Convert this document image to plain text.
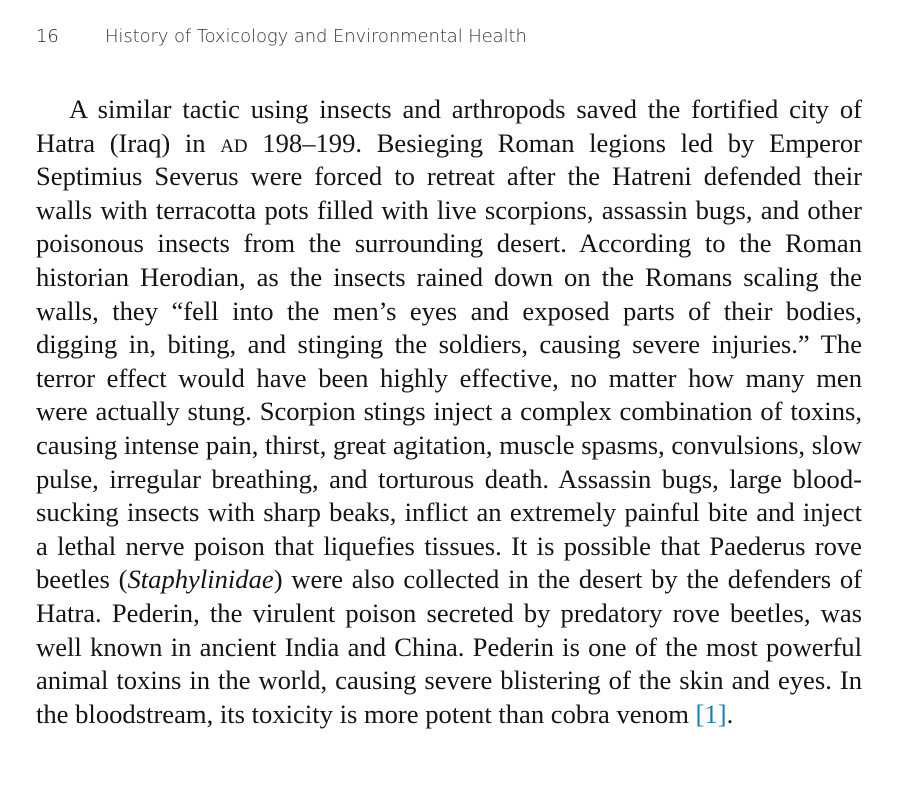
16	History of Toxicology and Environmental Health

A similar tactic using insects and arthropods saved the fortified city of Hatra (Iraq) in ad 198–199. Besieging Roman legions led by Emperor Septimius Severus were forced to retreat after the Hatreni defended their walls with terracotta pots filled with live scorpions, assassin bugs, and other poisonous insects from the surrounding desert. According to the Roman historian Herodian, as the insects rained down on the Romans scaling the walls, they “fell into the men’s eyes and exposed parts of their bodies, digging in, biting, and stinging the soldiers, causing severe injuries.” The terror effect would have been highly effective, no matter how many men were actually stung. Scorpion stings inject a complex combination of toxins, causing intense pain, thirst, great agitation, muscle spasms, convulsions, slow pulse, irregular breathing, and torturous death. Assassin bugs, large blood-sucking insects with sharp beaks, inflict an extremely painful bite and inject a lethal nerve poison that liquefies tissues. It is possible that Paederus rove beetles (Staphylinidae) were also collected in the desert by the defenders of Hatra. Pederin, the virulent poison secreted by predatory rove beetles, was well known in ancient India and China. Pederin is one of the most powerful animal toxins in the world, causing severe blistering of the skin and eyes. In the bloodstream, its toxicity is more potent than cobra venom [1].
